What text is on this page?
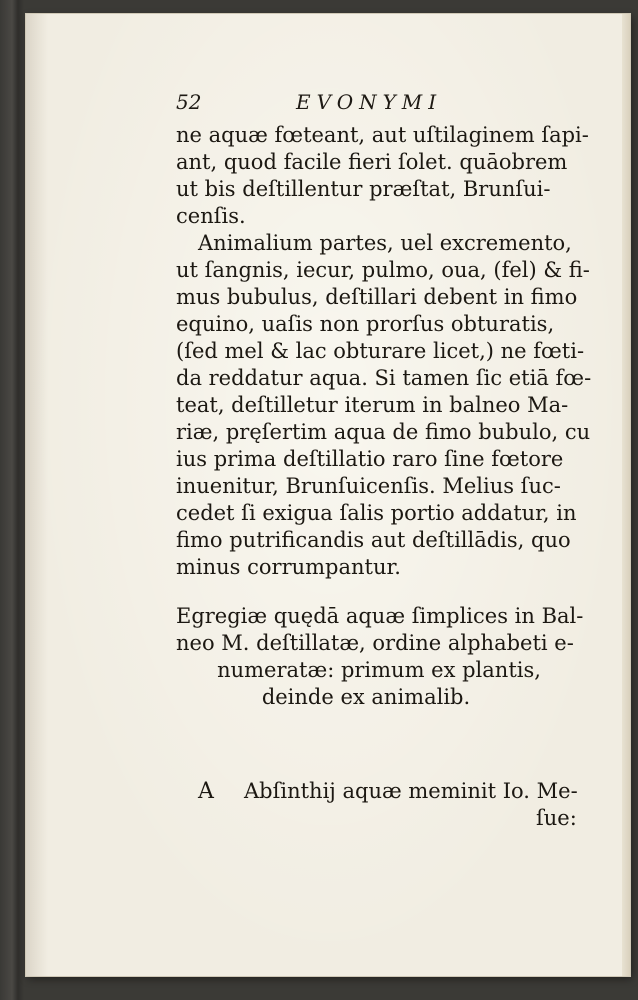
52	EVONYMI
ne aquæ fœteant, aut uſtilaginem ſapi-
ant, quod facile fieri ſolet. quāobrem
ut bis deſtillentur præſtat, Brunſui-
cenſis.
Animalium partes, uel excremento,
ut ſangnis, iecur, pulmo, oua, (fel) & fi-
mus bubulus, deſtillari debent in fimo
equino, uaſis non prorſus obturatis,
(ſed mel & lac obturare licet,) ne fœti-
da reddatur aqua. Si tamen ſic etiā fœ-
teat, deſtilletur iterum in balneo Ma-
riæ, pręſertim aqua de fimo bubulo, cu
ius prima deſtillatio raro ſine fœtore
inuenitur, Brunſuicenſis. Melius ſuc-
cedet ſi exigua ſalis portio addatur, in
fimo putrificandis aut deſtillādis, quo
minus corrumpantur.
Egregiæ quędā aquæ ſimplices in Bal-
neo M. deſtillatæ, ordine alphabeti e-
numeratæ: primum ex plantis,
deinde ex animalib.
A Abſinthij aquæ meminit Io. Me-
ſue:
